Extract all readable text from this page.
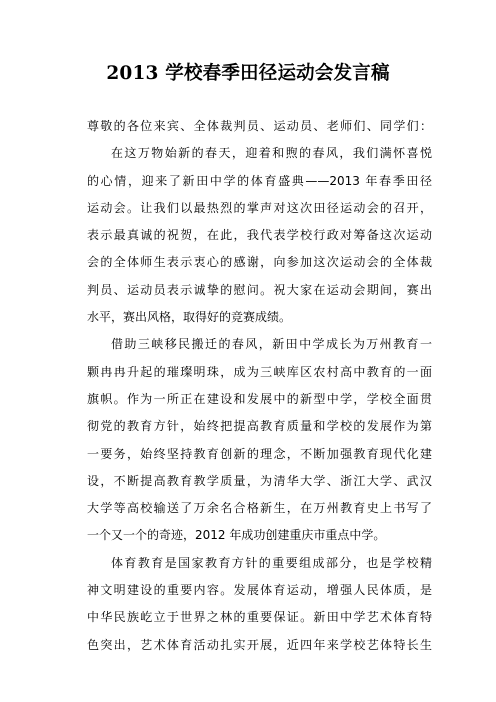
2013 学校春季田径运动会发言稿
尊敬的各位来宾、全体裁判员、运动员、老师们、同学们：
在这万物始新的春天，迎着和煦的春风，我们满怀喜悦
的心情，迎来了新田中学的体育盛典——2013 年春季田径
运动会。让我们以最热烈的掌声对这次田径运动会的召开，
表示最真诚的祝贺，在此，我代表学校行政对筹备这次运动
会的全体师生表示衷心的感谢，向参加这次运动会的全体裁
判员、运动员表示诚挚的慰问。祝大家在运动会期间，赛出
水平，赛出风格，取得好的竞赛成绩。
借助三峡移民搬迁的春风，新田中学成长为万州教育一
颗冉冉升起的璀璨明珠，成为三峡库区农村高中教育的一面
旗帜。作为一所正在建设和发展中的新型中学，学校全面贯
彻党的教育方针，始终把提高教育质量和学校的发展作为第
一要务，始终坚持教育创新的理念，不断加强教育现代化建
设，不断提高教育教学质量，为清华大学、浙江大学、武汉
大学等高校输送了万余名合格新生，在万州教育史上书写了
一个又一个的奇迹，2012 年成功创建重庆市重点中学。
体育教育是国家教育方针的重要组成部分，也是学校精
神文明建设的重要内容。发展体育运动，增强人民体质，是
中华民族屹立于世界之林的重要保证。新田中学艺术体育特
色突出，艺术体育活动扎实开展，近四年来学校艺体特长生
